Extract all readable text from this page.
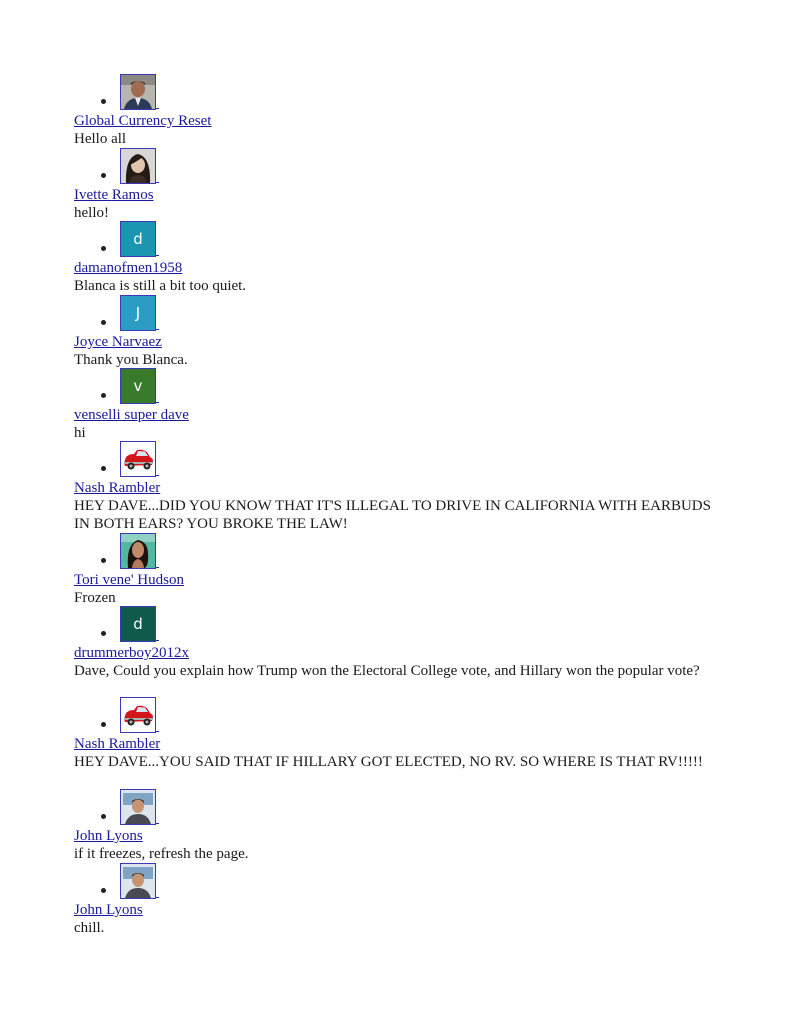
Global Currency Reset

Hello all

Ivette Ramos

hello!

d
damanofmen1958

Blanca is still a bit too quiet.

J
Joyce Narvaez

Thank you Blanca.

v
venselli super dave

hi

Nash Rambler

HEY DAVE...DID YOU KNOW THAT IT'S ILLEGAL TO DRIVE IN CALIFORNIA WITH EARBUDS IN BOTH EARS? YOU BROKE THE LAW!

Tori vene' Hudson

Frozen

d
drummerboy2012x

Dave, Could you explain how Trump won the Electoral College vote, and Hillary won the popular vote?

Nash Rambler

HEY DAVE...YOU SAID THAT IF HILLARY GOT ELECTED, NO RV. SO WHERE IS THAT RV!!!!!

John Lyons

if it freezes, refresh the page.

John Lyons

chill.
